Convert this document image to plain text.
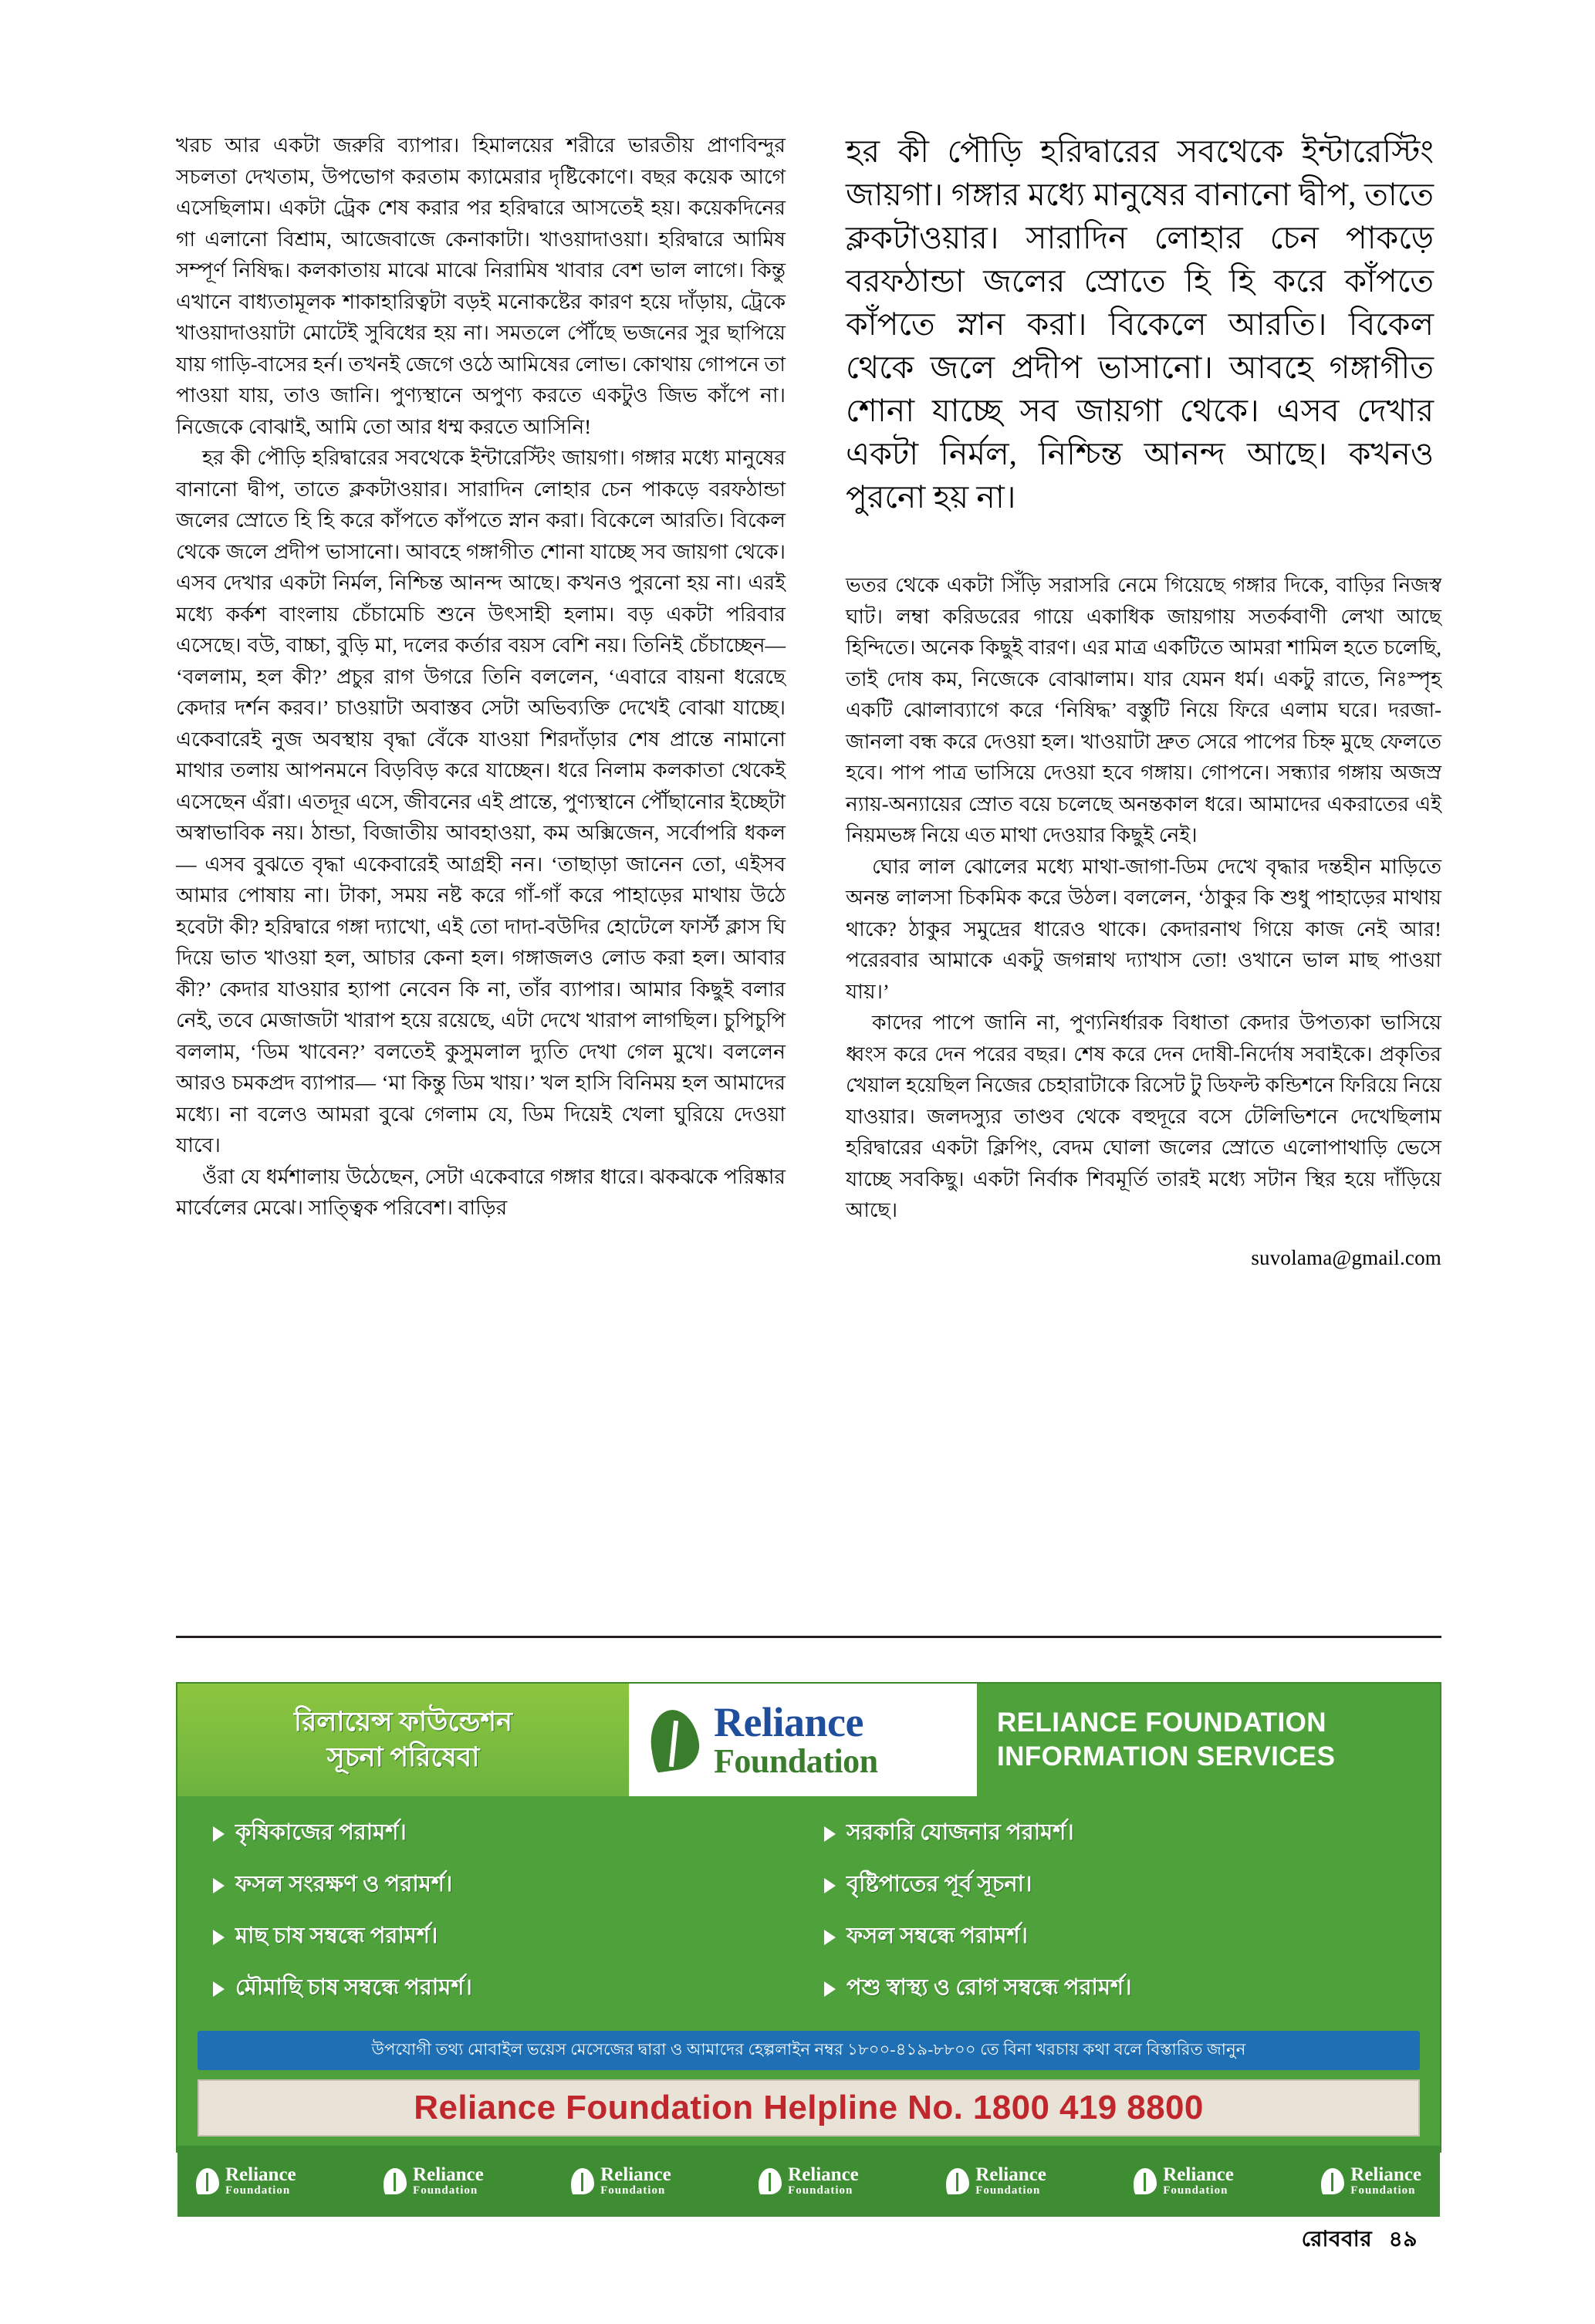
খরচ আর একটা জরুরি ব্যাপার। হিমালয়ের শরীরে ভারতীয় প্রাণবিন্দুর সচলতা দেখতাম, উপভোগ করতাম ক্যামেরার দৃষ্টিকোণে। বছর কয়েক আগে এসেছিলাম। একটা ট্রেক শেষ করার পর হরিদ্বারে আসতেই হয়। কয়েকদিনের গা এলানো বিশ্রাম, আজেবাজে কেনাকাটা। খাওয়াদাওয়া। হরিদ্বারে আমিষ সম্পূর্ণ নিষিদ্ধ। কলকাতায় মাঝে মাঝে নিরামিষ খাবার বেশ ভাল লাগে। কিন্তু এখানে বাধ্যতামূলক শাকাহারিত্বটা বড়ই মনোকষ্টের কারণ হয়ে দাঁড়ায়, ট্রেকে খাওয়াদাওয়াটা মোটেই সুবিধের হয় না। সমতলে পৌঁছে ভজনের সুর ছাপিয়ে যায় গাড়ি-বাসের হর্ন। তখনই জেগে ওঠে আমিষের লোভ। কোথায় গোপনে তা পাওয়া যায়, তাও জানি। পুণ্যস্থানে অপুণ্য করতে একটুও জিভ কাঁপে না। নিজেকে বোঝাই, আমি তো আর ধম্ম করতে আসিনি!

হর কী পৌড়ি হরিদ্বারের সবথেকে ইন্টারেস্টিং জায়গা। গঙ্গার মধ্যে মানুষের বানানো দ্বীপ, তাতে ক্লকটাওয়ার। সারাদিন লোহার চেন পাকড়ে বরফঠান্ডা জলের স্রোতে হি হি করে কাঁপতে কাঁপতে স্নান করা। বিকেলে আরতি। বিকেল থেকে জলে প্রদীপ ভাসানো। আবহে গঙ্গাগীত শোনা যাচ্ছে সব জায়গা থেকে। এসব দেখার একটা নির্মল, নিশ্চিন্ত আনন্দ আছে। কখনও পুরনো হয় না। এরই মধ্যে কর্কশ বাংলায় চেঁচামেচি শুনে উৎসাহী হলাম। বড় একটা পরিবার এসেছে। বউ, বাচ্চা, বুড়ি মা, দলের কর্তার বয়স বেশি নয়। তিনিই চেঁচাচ্ছেন— ‘বললাম, হল কী?’ প্রচুর রাগ উগরে তিনি বললেন, ‘এবারে বায়না ধরেছে কেদার দর্শন করব।’ চাওয়াটা অবাস্তব সেটা অভিব্যক্তি দেখেই বোঝা যাচ্ছে। একেবারেই নুজ অবস্থায় বৃদ্ধা বেঁকে যাওয়া শিরদাঁড়ার শেষ প্রান্তে নামানো মাথার তলায় আপনমনে বিড়বিড় করে যাচ্ছেন। ধরে নিলাম কলকাতা থেকেই এসেছেন এঁরা। এতদূর এসে, জীবনের এই প্রান্তে, পুণ্যস্থানে পৌঁছানোর ইচ্ছেটা অস্বাভাবিক নয়। ঠান্ডা, বিজাতীয় আবহাওয়া, কম অক্সিজেন, সর্বোপরি ধকল— এসব বুঝতে বৃদ্ধা একেবারেই আগ্রহী নন। ‘তাছাড়া জানেন তো, এইসব আমার পোষায় না। টাকা, সময় নষ্ট করে গাঁ-গাঁ করে পাহাড়ের মাথায় উঠে হবেটা কী? হরিদ্বারে গঙ্গা দ্যাখো, এই তো দাদা-বউদির হোটেলে ফার্স্ট ক্লাস ঘি দিয়ে ভাত খাওয়া হল, আচার কেনা হল। গঙ্গাজলও লোড করা হল। আবার কী?’ কেদার যাওয়ার হ্যাপা নেবেন কি না, তাঁর ব্যাপার। আমার কিছুই বলার নেই, তবে মেজাজটা খারাপ হয়ে রয়েছে, এটা দেখে খারাপ লাগছিল। চুপিচুপি বললাম, ‘ডিম খাবেন?’ বলতেই কুসুমলাল দ্যুতি দেখা গেল মুখে। বললেন আরও চমকপ্রদ ব্যাপার— ‘মা কিন্তু ডিম খায়।’ খল হাসি বিনিময় হল আমাদের মধ্যে। না বলেও আমরা বুঝে গেলাম যে, ডিম দিয়েই খেলা ঘুরিয়ে দেওয়া যাবে।

ওঁরা যে ধর্মশালায় উঠেছেন, সেটা একেবারে গঙ্গার ধারে। ঝকঝকে পরিষ্কার মার্বেলের মেঝে। সাত্ত্বিক পরিবেশ। বাড়ির

হর কী পৌড়ি হরিদ্বারের সবথেকে ইন্টারেস্টিং জায়গা। গঙ্গার মধ্যে মানুষের বানানো দ্বীপ, তাতে ক্লকটাওয়ার। সারাদিন লোহার চেন পাকড়ে বরফঠান্ডা জলের স্রোতে হি হি করে কাঁপতে কাঁপতে স্নান করা। বিকেলে আরতি। বিকেল থেকে জলে প্রদীপ ভাসানো। আবহে গঙ্গাগীত শোনা যাচ্ছে সব জায়গা থেকে। এসব দেখার একটা নির্মল, নিশ্চিন্ত আনন্দ আছে। কখনও পুরনো হয় না।

ভতর থেকে একটা সিঁড়ি সরাসরি নেমে গিয়েছে গঙ্গার দিকে, বাড়ির নিজস্ব ঘাট। লম্বা করিডরের গায়ে একাধিক জায়গায় সতর্কবাণী লেখা আছে হিন্দিতে। অনেক কিছুই বারণ। এর মাত্র একটিতে আমরা শামিল হতে চলেছি, তাই দোষ কম, নিজেকে বোঝালাম। যার যেমন ধর্ম। একটু রাতে, নিঃস্পৃহ একটি ঝোলাব্যাগে করে ‘নিষিদ্ধ’ বস্তুটি নিয়ে ফিরে এলাম ঘরে। দরজা-জানলা বন্ধ করে দেওয়া হল। খাওয়াটা দ্রুত সেরে পাপের চিহ্ন মুছে ফেলতে হবে। পাপ পাত্র ভাসিয়ে দেওয়া হবে গঙ্গায়। গোপনে। সন্ধ্যার গঙ্গায় অজস্র ন্যায়-অন্যায়ের স্রোত বয়ে চলেছে অনন্তকাল ধরে। আমাদের একরাতের এই নিয়মভঙ্গ নিয়ে এত মাথা দেওয়ার কিছুই নেই।

ঘোর লাল ঝোলের মধ্যে মাথা-জাগা-ডিম দেখে বৃদ্ধার দন্তহীন মাড়িতে অনন্ত লালসা চিকমিক করে উঠল। বললেন, ‘ঠাকুর কি শুধু পাহাড়ের মাথায় থাকে? ঠাকুর সমুদ্রের ধারেও থাকে। কেদারনাথ গিয়ে কাজ নেই আর! পরেরবার আমাকে একটু জগন্নাথ দ্যাখাস তো! ওখানে ভাল মাছ পাওয়া যায়।’

কাদের পাপে জানি না, পুণ্যনির্ধারক বিধাতা কেদার উপত্যকা ভাসিয়ে ধ্বংস করে দেন পরের বছর। শেষ করে দেন দোষী-নির্দোষ সবাইকে। প্রকৃতির খেয়াল হয়েছিল নিজের চেহারাটাকে রিসেট টু ডিফল্ট কন্ডিশনে ফিরিয়ে নিয়ে যাওয়ার। জলদস্যুর তাণ্ডব থেকে বহুদূরে বসে টেলিভিশনে দেখেছিলাম হরিদ্বারের একটা ক্লিপিং, বেদম ঘোলা জলের স্রোতে এলোপাথাড়ি ভেসে যাচ্ছে সবকিছু। একটা নির্বাক শিবমূর্তি তারই মধ্যে সটান স্থির হয়ে দাঁড়িয়ে আছে।

suvolama@gmail.com
রিলায়েন্স ফাউন্ডেশন
সূচনা পরিষেবা
Reliance
Foundation
RELIANCE FOUNDATION
INFORMATION SERVICES
কৃষিকাজের পরামর্শ।
ফসল সংরক্ষণ ও পরামর্শ।
মাছ চাষ সম্বন্ধে পরামর্শ।
মৌমাছি চাষ সম্বন্ধে পরামর্শ।
সরকারি যোজনার পরামর্শ।
বৃষ্টিপাতের পূর্ব সূচনা।
ফসল সম্বন্ধে পরামর্শ।
পশু স্বাস্থ্য ও রোগ সম্বন্ধে পরামর্শ।
উপযোগী তথ্য মোবাইল ভয়েস মেসেজের দ্বারা ও আমাদের হেল্পলাইন নম্বর ১৮০০-৪১৯-৮৮০০ তে বিনা খরচায় কথা বলে বিস্তারিত জানুন
Reliance Foundation Helpline No. 1800 419 8800
Reliance
Foundation
Reliance
Foundation
Reliance
Foundation
Reliance
Foundation
Reliance
Foundation
Reliance
Foundation
Reliance
Foundation
রোববার ৪৯
